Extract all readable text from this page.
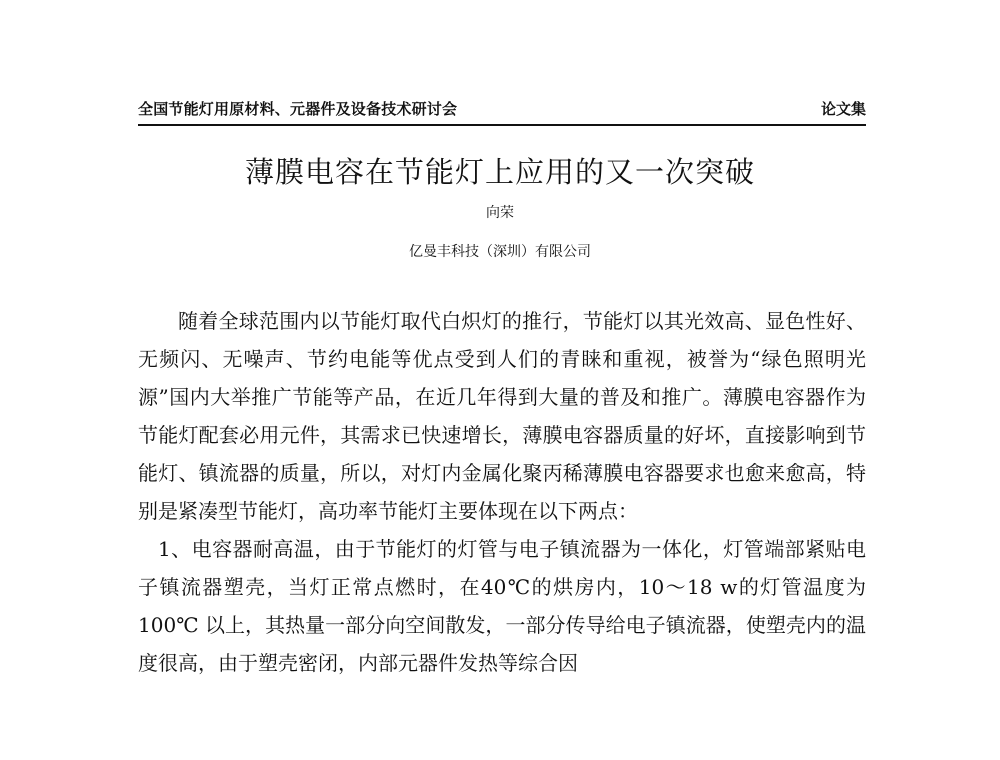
全国节能灯用原材料、元器件及设备技术研讨会	论文集
薄膜电容在节能灯上应用的又一次突破
向荣
亿曼丰科技（深圳）有限公司

随着全球范围内以节能灯取代白炽灯的推行，节能灯以其光效高、显色性好、无频闪、无噪声、节约电能等优点受到人们的青睐和重视，被誉为“绿色照明光源”国内大举推广节能等产品，在近几年得到大量的普及和推广。薄膜电容器作为节能灯配套必用元件，其需求已快速增长，薄膜电容器质量的好坏，直接影响到节能灯、镇流器的质量，所以，对灯内金属化聚丙稀薄膜电容器要求也愈来愈高，特别是紧凑型节能灯，高功率节能灯主要体现在以下两点：

1、电容器耐高温，由于节能灯的灯管与电子镇流器为一体化，灯管端部紧贴电子镇流器塑壳，当灯正常点燃时，在40℃的烘房内，10～18 w的灯管温度为100℃ 以上，其热量一部分向空间散发，一部分传导给电子镇流器，使塑壳内的温度很高，由于塑壳密闭，内部元器件发热等综合因
